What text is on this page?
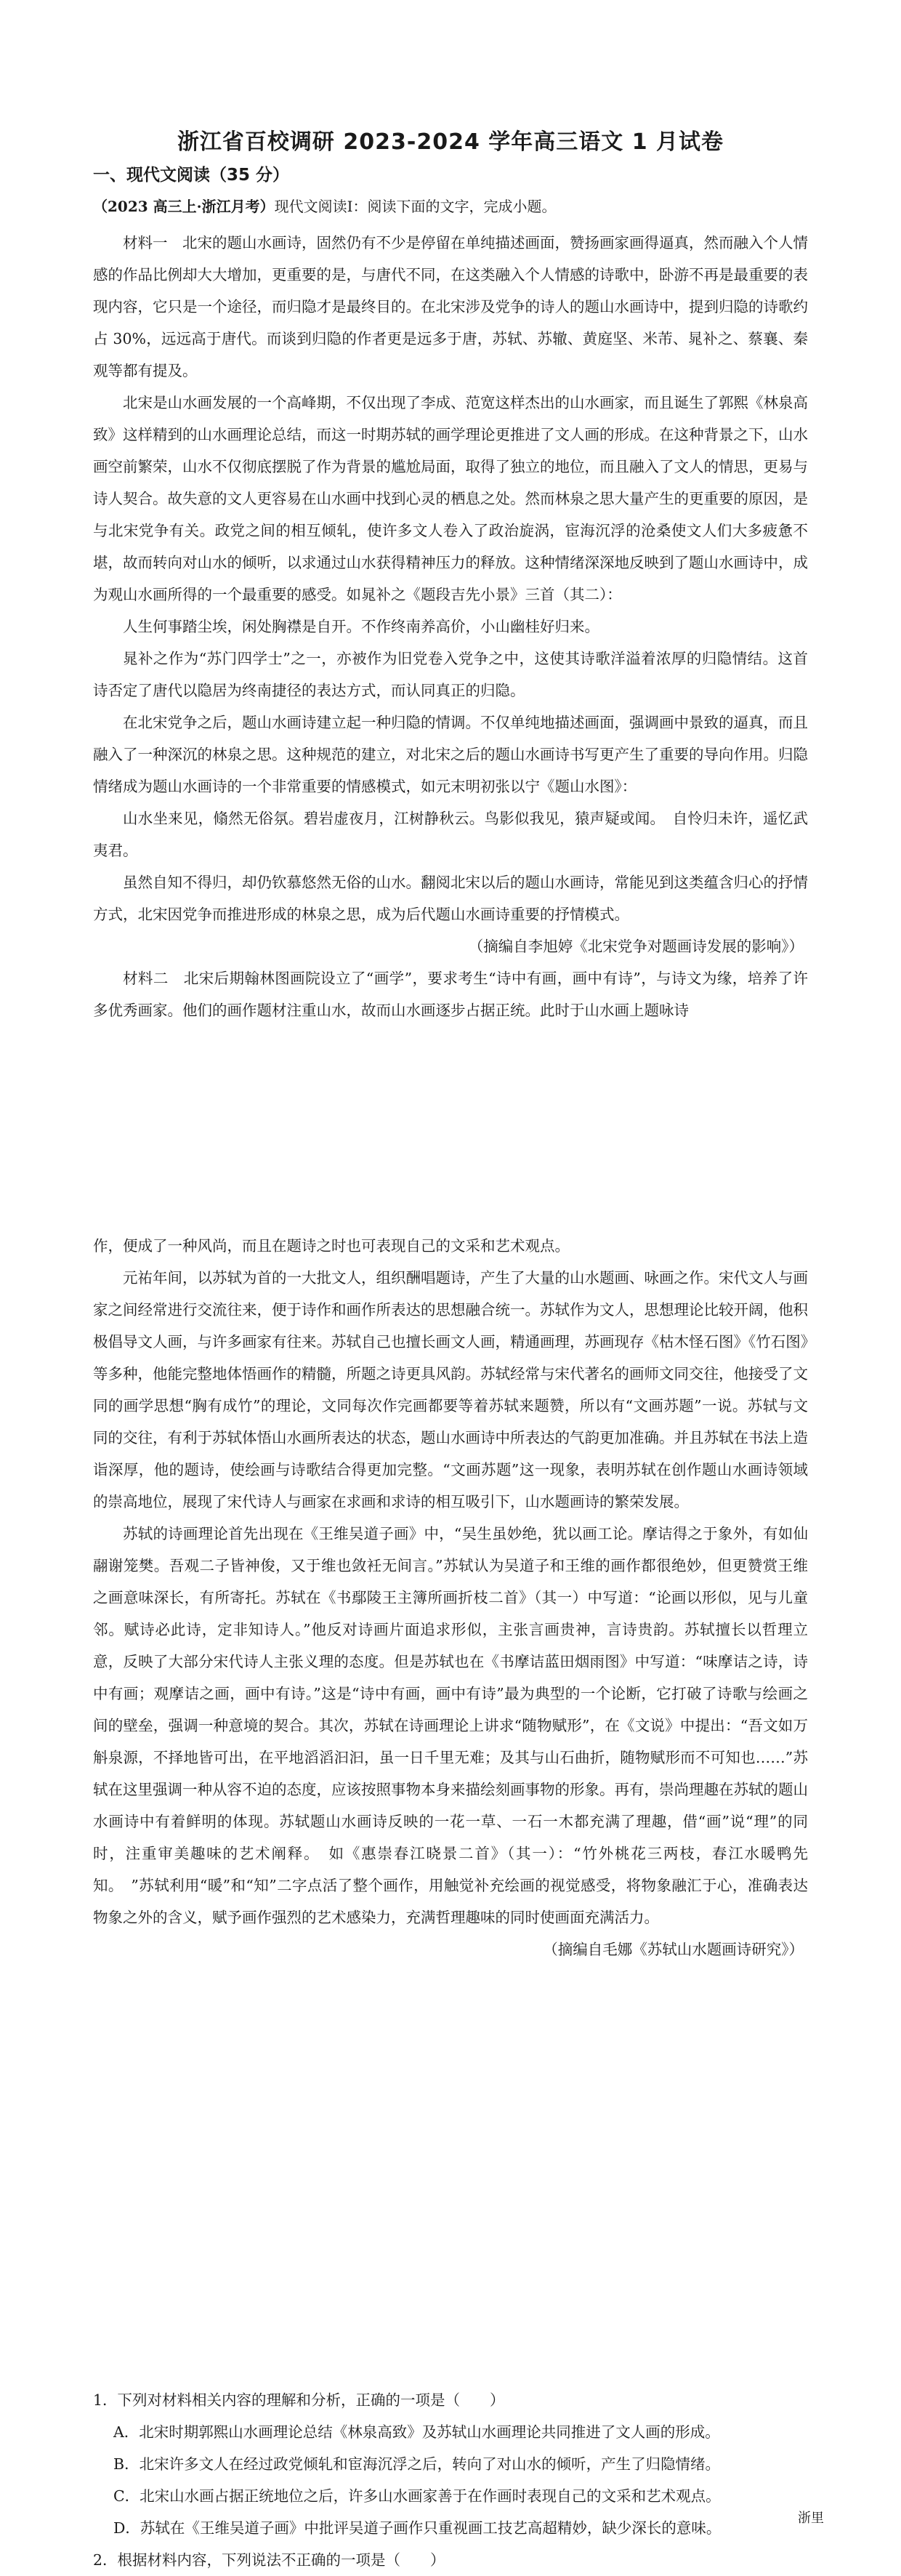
浙江省百校调研 2023-2024 学年高三语文 1 月试卷
一、现代文阅读（35 分）
（2023 高三上·浙江月考）现代文阅读Ⅰ：阅读下面的文字，完成小题。

材料一　北宋的题山水画诗，固然仍有不少是停留在单纯描述画面，赞扬画家画得逼真，然而融入个人情感的作品比例却大大增加，更重要的是，与唐代不同，在这类融入个人情感的诗歌中，卧游不再是最重要的表现内容，它只是一个途径，而归隐才是最终目的。在北宋涉及党争的诗人的题山水画诗中，提到归隐的诗歌约占 30%，远远高于唐代。而谈到归隐的作者更是远多于唐，苏轼、苏辙、黄庭坚、米芾、晁补之、蔡襄、秦观等都有提及。

北宋是山水画发展的一个高峰期，不仅出现了李成、范宽这样杰出的山水画家，而且诞生了郭熙《林泉高致》这样精到的山水画理论总结，而这一时期苏轼的画学理论更推进了文人画的形成。在这种背景之下，山水画空前繁荣，山水不仅彻底摆脱了作为背景的尴尬局面，取得了独立的地位，而且融入了文人的情思，更易与诗人契合。故失意的文人更容易在山水画中找到心灵的栖息之处。然而林泉之思大量产生的更重要的原因，是与北宋党争有关。政党之间的相互倾轧，使许多文人卷入了政治旋涡，宦海沉浮的沧桑使文人们大多疲惫不堪，故而转向对山水的倾听，以求通过山水获得精神压力的释放。这种情绪深深地反映到了题山水画诗中，成为观山水画所得的一个最重要的感受。如晁补之《题段吉先小景》三首（其二）：

人生何事踏尘埃，闲处胸襟是自开。不作终南养高价，小山幽桂好归来。

晁补之作为“苏门四学士”之一，亦被作为旧党卷入党争之中，这使其诗歌洋溢着浓厚的归隐情结。这首诗否定了唐代以隐居为终南捷径的表达方式，而认同真正的归隐。

在北宋党争之后，题山水画诗建立起一种归隐的情调。不仅单纯地描述画面，强调画中景致的逼真，而且融入了一种深沉的林泉之思。这种规范的建立，对北宋之后的题山水画诗书写更产生了重要的导向作用。归隐情绪成为题山水画诗的一个非常重要的情感模式，如元末明初张以宁《题山水图》：

山水坐来见，翛然无俗氛。碧岩虚夜月，江树静秋云。鸟影似我见，猿声疑或闻。　自怜归未许，遥忆武夷君。

虽然自知不得归，却仍钦慕悠然无俗的山水。翻阅北宋以后的题山水画诗，常能见到这类蕴含归心的抒情方式，北宋因党争而推进形成的林泉之思，成为后代题山水画诗重要的抒情模式。

（摘编自李旭婷《北宋党争对题画诗发展的影响》）

材料二　北宋后期翰林图画院设立了“画学”，要求考生“诗中有画，画中有诗”，与诗文为缘，培养了许多优秀画家。他们的画作题材注重山水，故而山水画逐步占据正统。此时于山水画上题咏诗

作，便成了一种风尚，而且在题诗之时也可表现自己的文采和艺术观点。

元祐年间，以苏轼为首的一大批文人，组织酬唱题诗，产生了大量的山水题画、咏画之作。宋代文人与画家之间经常进行交流往来，便于诗作和画作所表达的思想融合统一。苏轼作为文人，思想理论比较开阔，他积极倡导文人画，与许多画家有往来。苏轼自己也擅长画文人画，精通画理，苏画现存《枯木怪石图》《竹石图》等多种，他能完整地体悟画作的精髓，所题之诗更具风韵。苏轼经常与宋代著名的画师文同交往，他接受了文同的画学思想“胸有成竹”的理论，文同每次作完画都要等着苏轼来题赞，所以有“文画苏题”一说。苏轼与文同的交往，有利于苏轼体悟山水画所表达的状态，题山水画诗中所表达的气韵更加准确。并且苏轼在书法上造诣深厚，他的题诗，使绘画与诗歌结合得更加完整。“文画苏题”这一现象，表明苏轼在创作题山水画诗领域的崇高地位，展现了宋代诗人与画家在求画和求诗的相互吸引下，山水题画诗的繁荣发展。

苏轼的诗画理论首先出现在《王维吴道子画》中，“吴生虽妙绝，犹以画工论。摩诘得之于象外，有如仙翮谢笼樊。吾观二子皆神俊，又于维也敛衽无间言。”苏轼认为吴道子和王维的画作都很绝妙，但更赞赏王维之画意味深长，有所寄托。苏轼在《书鄢陵王主簿所画折枝二首》（其一）中写道：“论画以形似，见与儿童邻。赋诗必此诗，定非知诗人。”他反对诗画片面追求形似，主张言画贵神，言诗贵韵。苏轼擅长以哲理立意，反映了大部分宋代诗人主张义理的态度。但是苏轼也在《书摩诘蓝田烟雨图》中写道：“味摩诘之诗，诗中有画；观摩诘之画，画中有诗。”这是“诗中有画，画中有诗”最为典型的一个论断，它打破了诗歌与绘画之间的壁垒，强调一种意境的契合。其次，苏轼在诗画理论上讲求“随物赋形”，在《文说》中提出：“吾文如万斛泉源，不择地皆可出，在平地滔滔汩汩，虽一日千里无难；及其与山石曲折，随物赋形而不可知也……”苏轼在这里强调一种从容不迫的态度，应该按照事物本身来描绘刻画事物的形象。再有，崇尚理趣在苏轼的题山水画诗中有着鲜明的体现。苏轼题山水画诗反映的一花一草、一石一木都充满了理趣，借“画”说“理”的同时，注重审美趣味的艺术阐释。　如《惠崇春江晓景二首》（其一）：“竹外桃花三两枝，春江水暖鸭先知。　”苏轼利用“暖”和“知”二字点活了整个画作，用触觉补充绘画的视觉感受，将物象融汇于心，准确表达物象之外的含义，赋予画作强烈的艺术感染力，充满哲理趣味的同时使画面充满活力。

（摘编自毛娜《苏轼山水题画诗研究》）

1．下列对材料相关内容的理解和分析，正确的一项是（　　）
A．北宋时期郭熙山水画理论总结《林泉高致》及苏轼山水画理论共同推进了文人画的形成。
B．北宋许多文人在经过政党倾轧和宦海沉浮之后，转向了对山水的倾听，产生了归隐情绪。
C．北宋山水画占据正统地位之后，许多山水画家善于在作画时表现自己的文采和艺术观点。
D．苏轼在《王维吴道子画》中批评吴道子画作只重视画工技艺高超精妙，缺少深长的意味。
2．根据材料内容，下列说法不正确的一项是（　　）
浙里
